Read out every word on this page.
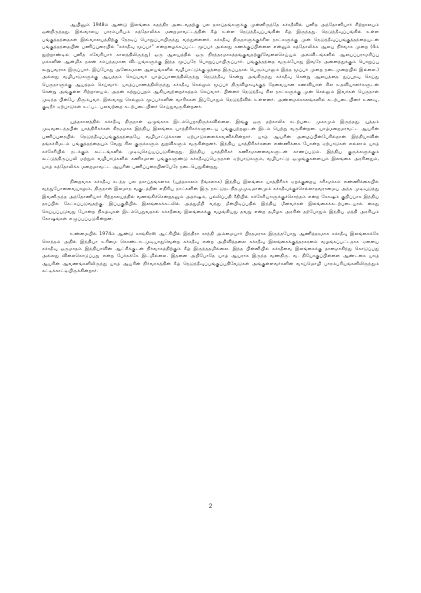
ஆயினும் 1948ம் ஆண்டு இலங்கை சுதந்திர அடைவதற்கு பல தசாப்தங்களுக்கு முன்னிருந்தே கச்சதீவில் புனித அந்தோனியார் சிற்றாலயம் ஒன்றிருந்தது. இவ்வாலய பாரம்பரியம் கத்தோலிக்க மறைமாவட்டத்தின் கீழ் உள்ள நெடுந்தீவுப்பங்கின் கீழ் இருந்தது. நெடுந்தீவுப்பங்கில் உள்ள பங்குத்தந்தைகள் இவ்வாலயத்திற்கு நேரடிப் பொறுப்பாயிருந்து வந்துள்ளனர். கச்சதீவு திருநாளுக்குச்சில நாட்களுக்கு முன் நெடுந்தீவுப்பங்குத்தந்தையுடன் பங்குத்தந்தையின் பணிப்புரையில் "கச்சதீவு மூப்பர்" என்றழைக்கப்பட்ட மூப்பர் அல்லது கணக்குப்பிள்ளை என்னும் கத்தோலிக்க ஆலய நிர்வாக முறை (4ம் நூற்றாண்டில் புனித சவேரியார் காலத்திலிருந்து) ஒரு ஆலயத்தில் ஒரு நிரந்தரமாகத்தங்குவதற்கு/வேலைசெய்யும் அவ்விடங்களில் ஆலயப்பராமரிப்பு மக்களின் ஆன்மிக நலன் சம்பந்தமான விடயங்களுக்கு இந்த மூப்பரே பொறுப்பாயிருப்பார். பங்குத்தந்தை வரும்போது இவரே அனைத்துக்கும் பொறுப்பு கூறுபவராக இருப்பார். இப்போது அனேகமான ஆலயங்களில் வழிபாட்டுக்குழுத்தை இருப்பதால் பெரும்பாலும் இத்த மூப்பர் முறை நடைமுறையில் இல்லை.) அல்லது வழிபாடுகளுக்கு ஆயத்தம் செய்யவர் யாழ்ப்பாணத்திலிருந்து நெடுந்தீவு சென்று அங்கிருந்து கச்சதீவு சென்று ஆலயத்தை துப்புரவு செய்து பெருநாளுக்கு ஆயத்தம் செய்வார். யாழ்ப்பாணத்திலிருந்து கச்சதீவு செல்லும் மூப்பர் திருவிழாவுக்குத் தேவையான கணவியாள் சில உதவியாளர்களுடன் சென்று அங்குள்ள சிற்றாலயம், அதன் சுற்றுப்புறம் ஆகியவற்றைச்சுத்தம் செய்வார். பின்னர் நெடுந்தீவு சில நாட்களுக்கு முன் செல்லும் இவர்கள் பெருநாள் முடிந்த பின்பே திரும்புவர். இவ்வாறு செல்லும் மூப்பர்களின் வாரிசுகள் இப்போதும் நெடுந்தீவில் உள்ளனர். அண்மைக்காலங்களில் கடற்படையினர் உணவு, குடிநீர் ஏற்பாடுகள் உட்பட பலவற்றை கடற்படையினர் செய்துவருகின்றனர்.

யுத்தகாலத்தில் கச்சதீவு திருநாள் ஒழுங்காக இடம்பெறாதிருக்கவில்லை. இங்கு ஒரு தற்காலிக கடற்படை முகாமும் இருந்தது. யுத்தம் முடிவடைந்தபின் யாத்திரிகர்கள் கிரமமாக இந்திய இலங்கை யாத்திரிகர்களுடைய பங்குபற்றலுடன் இடம் பெற்று வருகின்றன. யாழ்மறைமாவட்ட ஆயரின் பணிப்புரையில் நெடுந்தீவுப்பங்குத்தந்தையே வழிபாட்டுக்கான ஏற்பாடுகளைக்கவனிக்கின்றார். யாழ் ஆயரின் அழைப்பின்பேரில்தான் இந்தியாவின் தங்கச்சிமடம் பங்குத்தந்தையும் வேறு சில குருக்களும் துறவிகளும் வருகின்றனர். இந்திய யாத்திரிகர்களை எண்ணிக்கை போன்ற ஏற்பாடுகள் எல்லாம் யாழ் கச்சேரியில் நடக்கும் கூட்டங்களில் முடிவுசெய்யப்படுகின்றது. இந்திய யாத்திரிகர் கணிசமானவைகளுடன் காணப்படும். இந்திய குருக்களுக்கும் கூட்டுத்திருப்பலி மற்றும் வழிபாடுகளில் கணிசமான பங்குகளுண்டு கச்சதீவுப்பெருநாள் ஏற்பாடுகளும், வழிபாட்டு ஒழுங்குகளையும் இலங்கை அரசினதும், யாழ் கத்தோலிக்க மறைமாவட்ட ஆயரின் பணிப்புரையினபேரே நடைபெறுகின்றது.

நிறைவாக கச்சதீவு கடந்த பல தசாப்தங்களாக (யுத்தகாலம் நீங்கலாக) இந்திய இலங்கை யாத்திரிகர் ஏறக்குறைய சரிசமச்சம் எண்ணிக்கையில் வந்துபோனவையாலும், திருநாள் இலமாந வகுடத்தின் எதிரிய நாட்களின் இரு நாட்டுநடநிதமுமுடிமானமும் கச்சதீவுக்குச்செல்லாதவராமைய அந்த முடிவுடுத்து இவனிருந்த அந்தோணியார் சிற்றாலயத்தில் வணங்கிச்சென்றதனும் அதர்ஷம், புல்லிப்பதி ரீதியில் கச்சேரியாளுக்குச்சொந்தம் என்ற கோஷம் குறிப்பாக இந்திய தரப்பில் கேட்கப்படுவதற்கு. இப்பகுதியில் இலங்கைக்கடலில் அத்துமீறி வந்து மீன்பிடிப்பதில் இந்திய மீனவர்கள் இலங்கைக்கடற்படையால் கைது செய்யப்படுவது போன்ற நிகழ்வுகள் இடம்பெறுவதால் கச்சதீவை இலங்கைக்கு வழங்கியது தவறு என்ற தமிழக அரசின் தற்போதும் இந்திய மத்தி அரசியும் கோஷங்கள் எழுப்பப்படுகின்றன.

உண்மையில் 1974ம் ஆண்டு காங்கிரஸ் ஆட்சியில் இந்திரா காந்தி அம்மையார் பிரதமராக இருந்தபோது ஆணித்தரமாக கச்சதீவு இலங்கைக்கே சொந்தம் அதில் இந்தியா உரிமை கொண்டாடமுடியாதுவென்ற கச்சதீவு என்ற அறிவித்தலை கச்சதீவு இலங்கைக்குத்தரகரனம் வழங்கப்பட்டதாக ஏனைய கச்சதீவு ஒருமாதம் இந்தியாவின் ஆட்சிக்குடன் நிர்வாகத்திற்கும் கீழ் இருந்ததமில்லை. இந்த பின்னியில் கச்சதீவை இலங்கைக்கு தானமாகிந்து கொடுப்பது அல்லது விலைகொடுப்பது என்ற பேச்சுக்கே இடமில்லை. இதனை அறிபோதே யாழ் ஆயராக இருந்த வணதிரு. வ. தியோகுப்பிள்ளை ஆண்டகை யாழ் ஆயரின் ஆவணங்களிலிருந்து யாழ் ஆயரின் நிர்வாகத்தின் கீழ் நெடுந்தீவுப்பங்குப்பதிவேடுகள் அங்குள்ளவர்களின் வாய்மொழி பாரம்பரியங்களிலிருந்தும் சுட்டிக்காட்டியிருக்கின்றார்.

2
